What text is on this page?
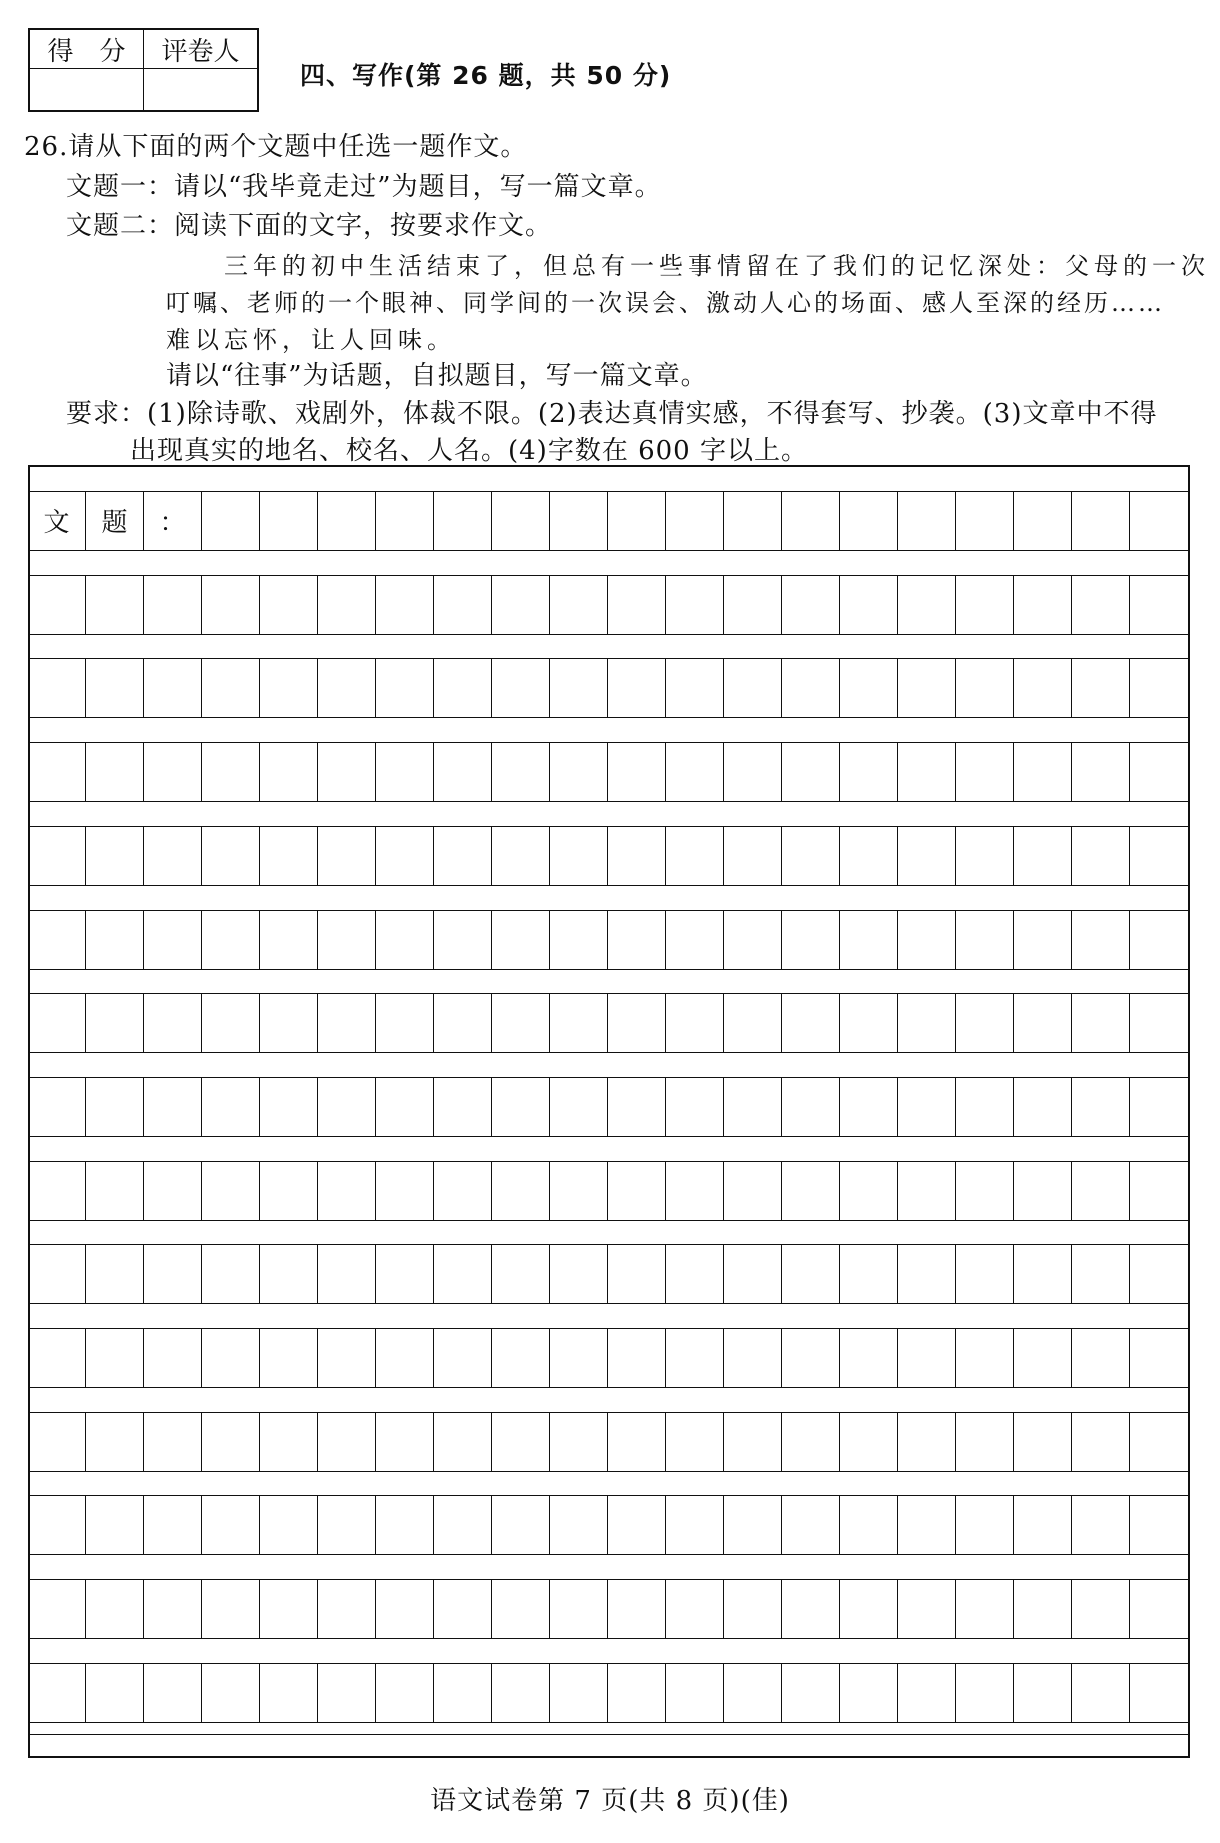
得　分	评卷人

四、写作(第 26 题，共 50 分)
26.请从下面的两个文题中任选一题作文。
文题一：请以“我毕竟走过”为题目，写一篇文章。
文题二：阅读下面的文字，按要求作文。
三年的初中生活结束了，但总有一些事情留在了我们的记忆深处：父母的一次
叮嘱、老师的一个眼神、同学间的一次误会、激动人心的场面、感人至深的经历……
难以忘怀，让人回味。
请以“往事”为话题，自拟题目，写一篇文章。
要求：(1)除诗歌、戏剧外，体裁不限。(2)表达真情实感，不得套写、抄袭。(3)文章中不得
出现真实的地名、校名、人名。(4)字数在 600 字以上。
文	题	：
语文试卷第 7 页(共 8 页)(佳)
